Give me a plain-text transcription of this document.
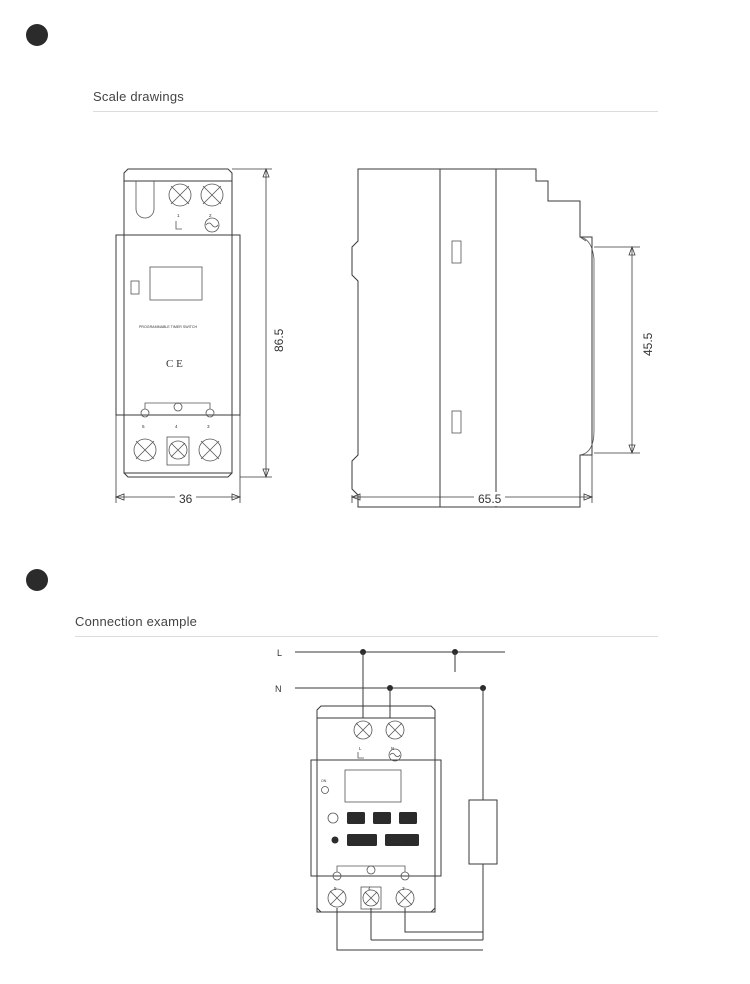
Scale drawings
1	2
PROGRAMMABLE TIMER SWITCH
C E
5	4	3
86.5
36
45.5
65.5
Connection example
L
N
L	N
ON
D+	H+	M+
RESET	MANUAL
5	4	3
